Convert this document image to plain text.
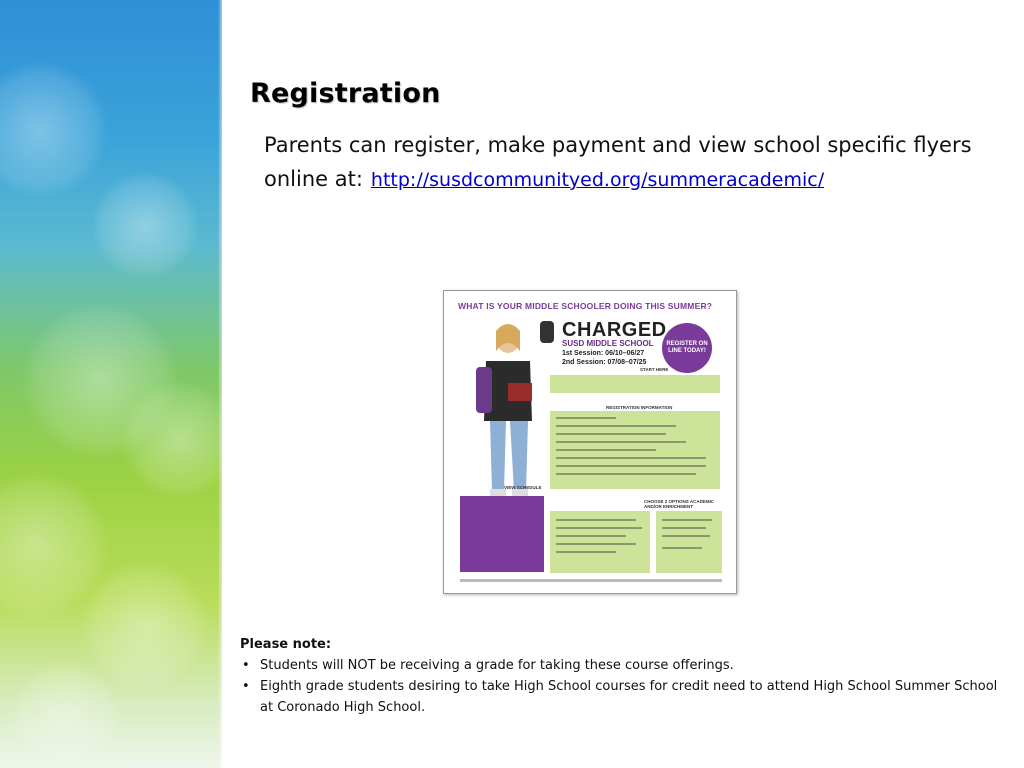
Registration
Parents can register, make payment and view school specific flyers online at: http://susdcommunityed.org/summeracademic/
WHAT IS YOUR MIDDLE SCHOOLER DOING THIS SUMMER?
CHARGED
SUSD MIDDLE SCHOOL
1st Session: 06/10–06/27
2nd Session: 07/08–07/25
REGISTER ON LINE TODAY!
START HERE
REGISTRATION INFORMATION
VIEW SCHEDULE
CHOOSE 2 OPTIONS ACADEMIC AND/OR ENRICHMENT
Please note:
• Students will NOT be receiving a grade for taking these course offerings.
• Eighth grade students desiring to take High School courses for credit need to attend High School Summer School at Coronado High School.
